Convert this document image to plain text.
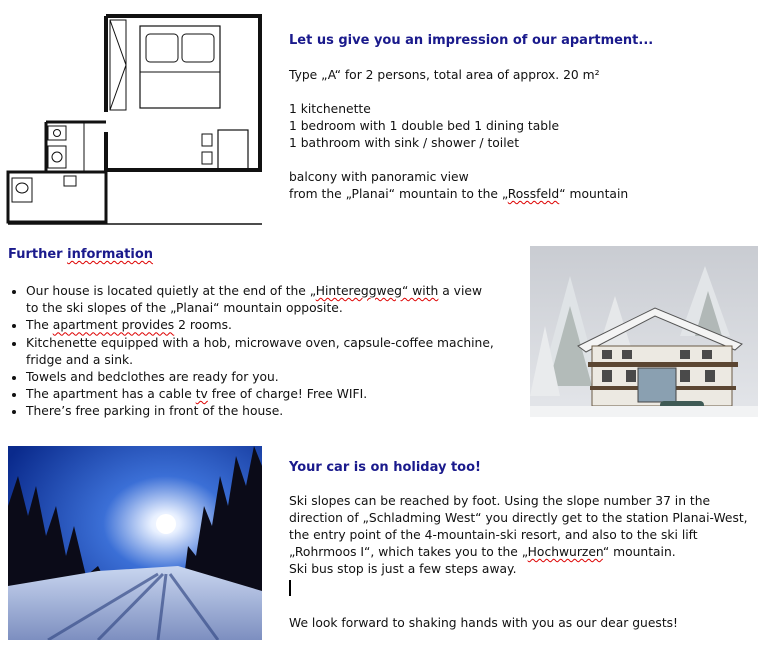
Let us give you an impression of our apartment...
Type „A“ for 2 persons, total area of approx. 20 m²
1 kitchenette
1 bedroom with 1 double bed 1 dining table
1 bathroom with sink / shower / toilet
balcony with panoramic view
from the „Planai“ mountain to the „Rossfeld“ mountain
Further information
• Our house is located quietly at the end of the „Hintereggweg“ with a view to the ski slopes of the „Planai“ mountain opposite.
• The apartment provides 2 rooms.
• Kitchenette equipped with a hob, microwave oven, capsule-coffee machine, fridge and a sink.
• Towels and bedclothes are ready for you.
• The apartment has a cable tv free of charge! Free WIFI.
• There’s free parking in front of the house.
Your car is on holiday too!
Ski slopes can be reached by foot. Using the slope number 37 in the direction of „Schladming West“ you directly get to the station Planai-West, the entry point of the 4-mountain-ski resort, and also to the ski lift „Rohrmoos I“, which takes you to the „Hochwurzen“ mountain.
Ski bus stop is just a few steps away.
We look forward to shaking hands with you as our dear guests!
